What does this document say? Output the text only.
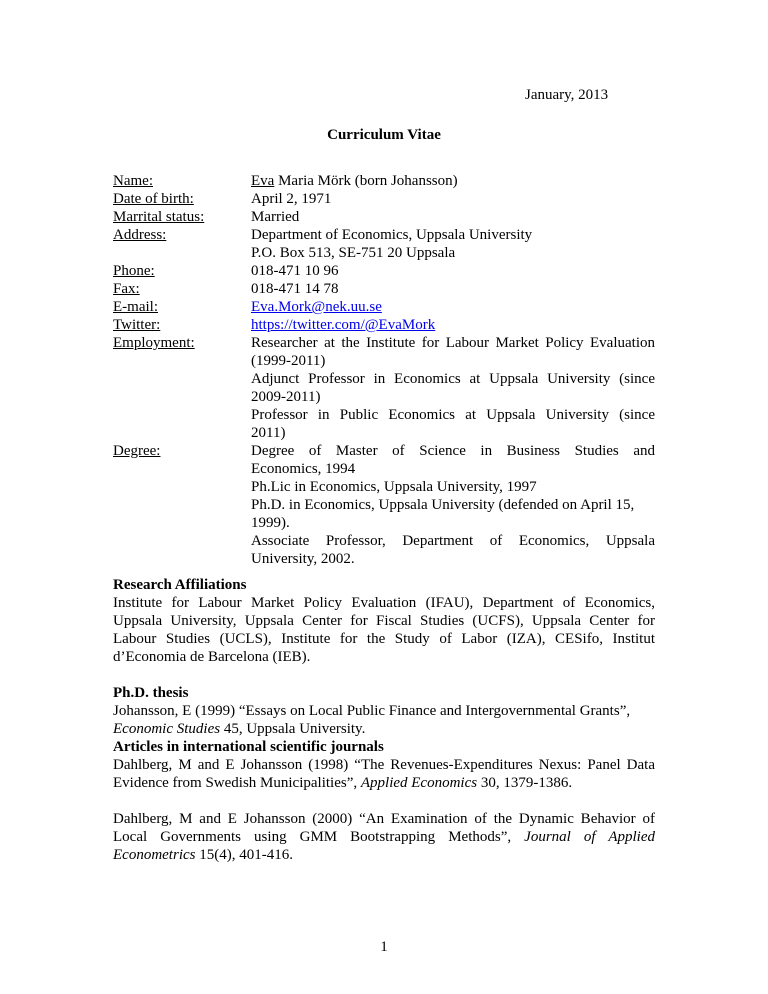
January, 2013
Curriculum Vitae
Name:
Date of birth:
Marrital status:
Address:
Phone:
Fax:
E-mail:
Twitter:
Employment:
Degree:
Eva Maria Mörk (born Johansson)
April 2, 1971
Married
Department of Economics, Uppsala University
P.O. Box 513, SE-751 20 Uppsala
018-471 10 96
018-471 14 78
Eva.Mork@nek.uu.se
https://twitter.com/@EvaMork
Researcher at the Institute for Labour Market Policy Evaluation
(1999-2011)
Adjunct Professor in Economics at Uppsala University (since
2009-2011)
Professor in Public Economics at Uppsala University (since
2011)
Degree of Master of Science in Business Studies and
Economics, 1994
Ph.Lic in Economics, Uppsala University, 1997
Ph.D. in Economics, Uppsala University (defended on April 15,
1999).
Associate Professor, Department of Economics, Uppsala
University, 2002.
Research Affiliations
Institute for Labour Market Policy Evaluation (IFAU), Department of Economics,
Uppsala University, Uppsala Center for Fiscal Studies (UCFS), Uppsala Center for
Labour Studies (UCLS), Institute for the Study of Labor (IZA), CESifo, Institut
d’Economia de Barcelona (IEB).
Ph.D. thesis
Johansson, E (1999) “Essays on Local Public Finance and Intergovernmental Grants”,
Economic Studies 45, Uppsala University.
Articles in international scientific journals
Dahlberg, M and E Johansson (1998) “The Revenues-Expenditures Nexus: Panel Data
Evidence from Swedish Municipalities”, Applied Economics 30, 1379-1386.
Dahlberg, M and E Johansson (2000) “An Examination of the Dynamic Behavior of
Local Governments using GMM Bootstrapping Methods”, Journal of Applied
Econometrics 15(4), 401-416.
1
